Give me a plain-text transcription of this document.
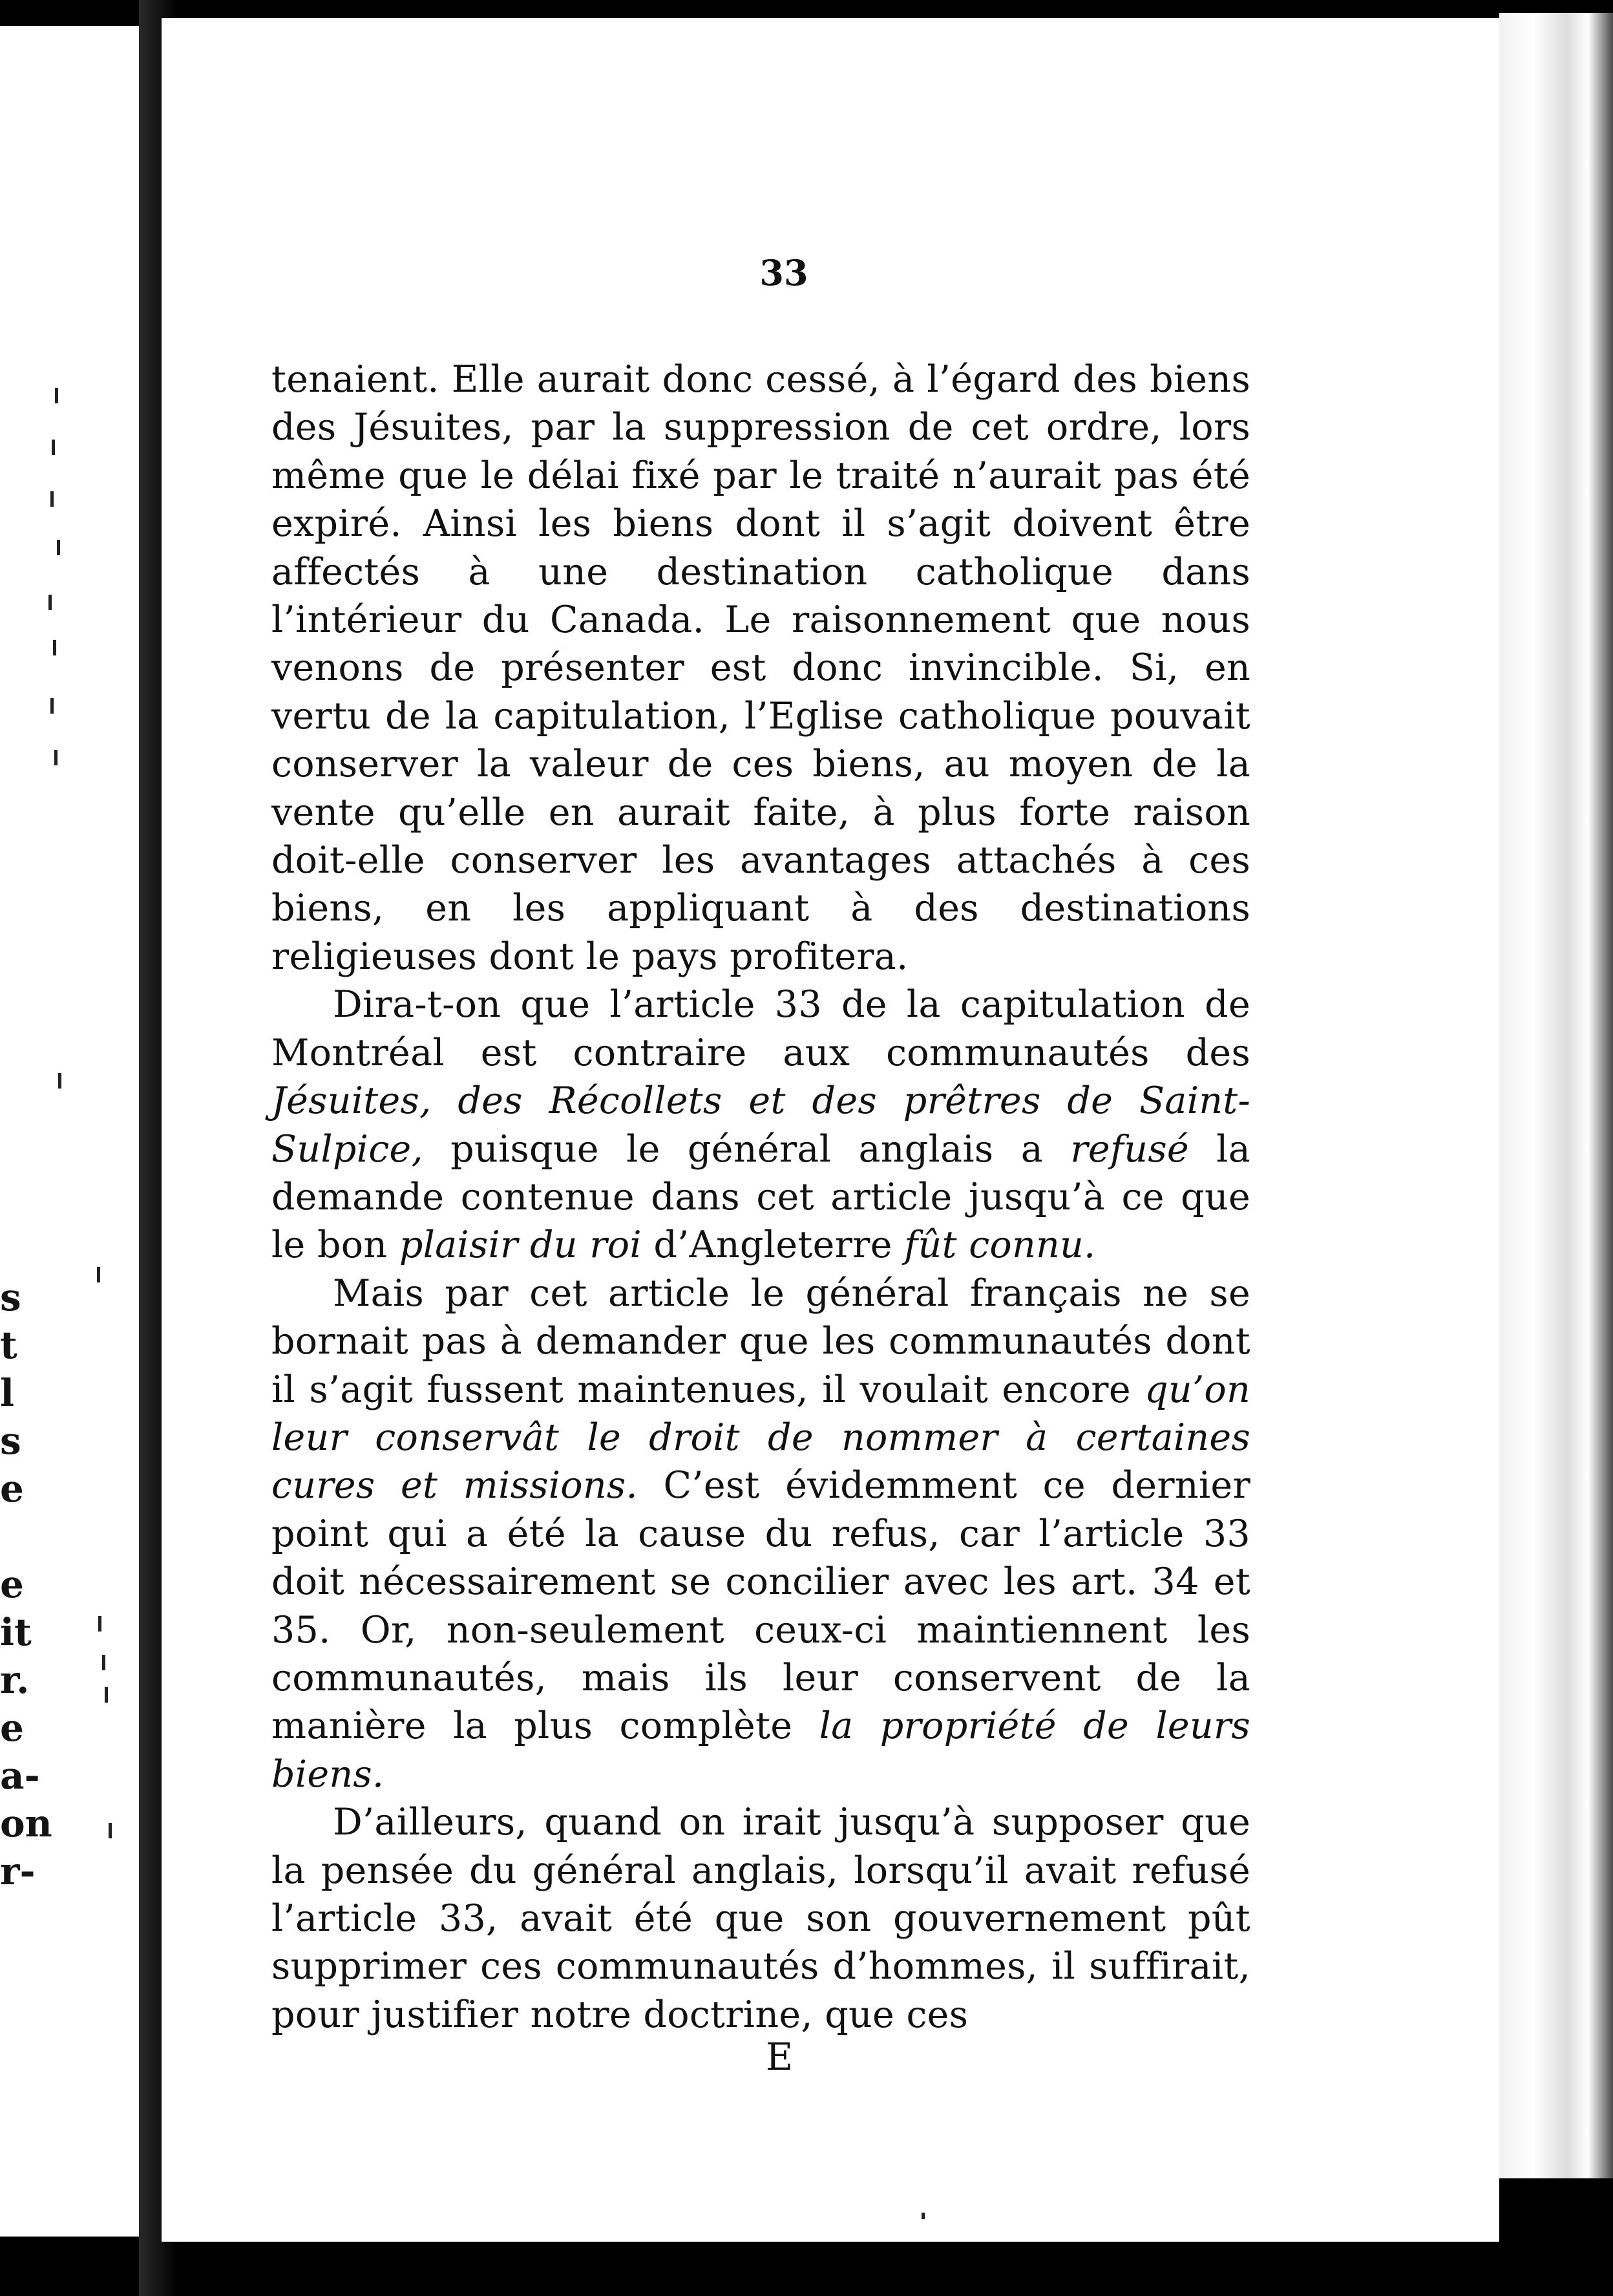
s
t
l
s
e
e
it
r.
e
a-
on
r-

33

tenaient. Elle aurait donc cessé, à l’égard des biens des Jésuites, par la suppression de cet ordre, lors même que le délai fixé par le traité n’aurait pas été expiré. Ainsi les biens dont il s’agit doivent être affectés à une destination catholique dans l’intérieur du Canada. Le raisonnement que nous venons de présenter est donc invincible. Si, en vertu de la capitulation, l’Eglise catholique pouvait conserver la valeur de ces biens, au moyen de la vente qu’elle en aurait faite, à plus forte raison doit-elle conserver les avantages attachés à ces biens, en les appliquant à des destinations religieuses dont le pays profitera.

Dira-t-on que l’article 33 de la capitulation de Montréal est contraire aux communautés des Jésuites, des Récollets et des prêtres de Saint-Sulpice, puisque le général anglais a refusé la demande contenue dans cet article jusqu’à ce que le bon plaisir du roi d’Angleterre fût connu.

Mais par cet article le général français ne se bornait pas à demander que les communautés dont il s’agit fussent maintenues, il voulait encore qu’on leur conservât le droit de nommer à certaines cures et missions. C’est évidemment ce dernier point qui a été la cause du refus, car l’article 33 doit nécessairement se concilier avec les art. 34 et 35. Or, non-seulement ceux-ci maintiennent les communautés, mais ils leur conservent de la manière la plus complète la propriété de leurs biens.

D’ailleurs, quand on irait jusqu’à supposer que la pensée du général anglais, lorsqu’il avait refusé l’article 33, avait été que son gouvernement pût supprimer ces communautés d’hommes, il suffirait, pour justifier notre doctrine, que ces

E
